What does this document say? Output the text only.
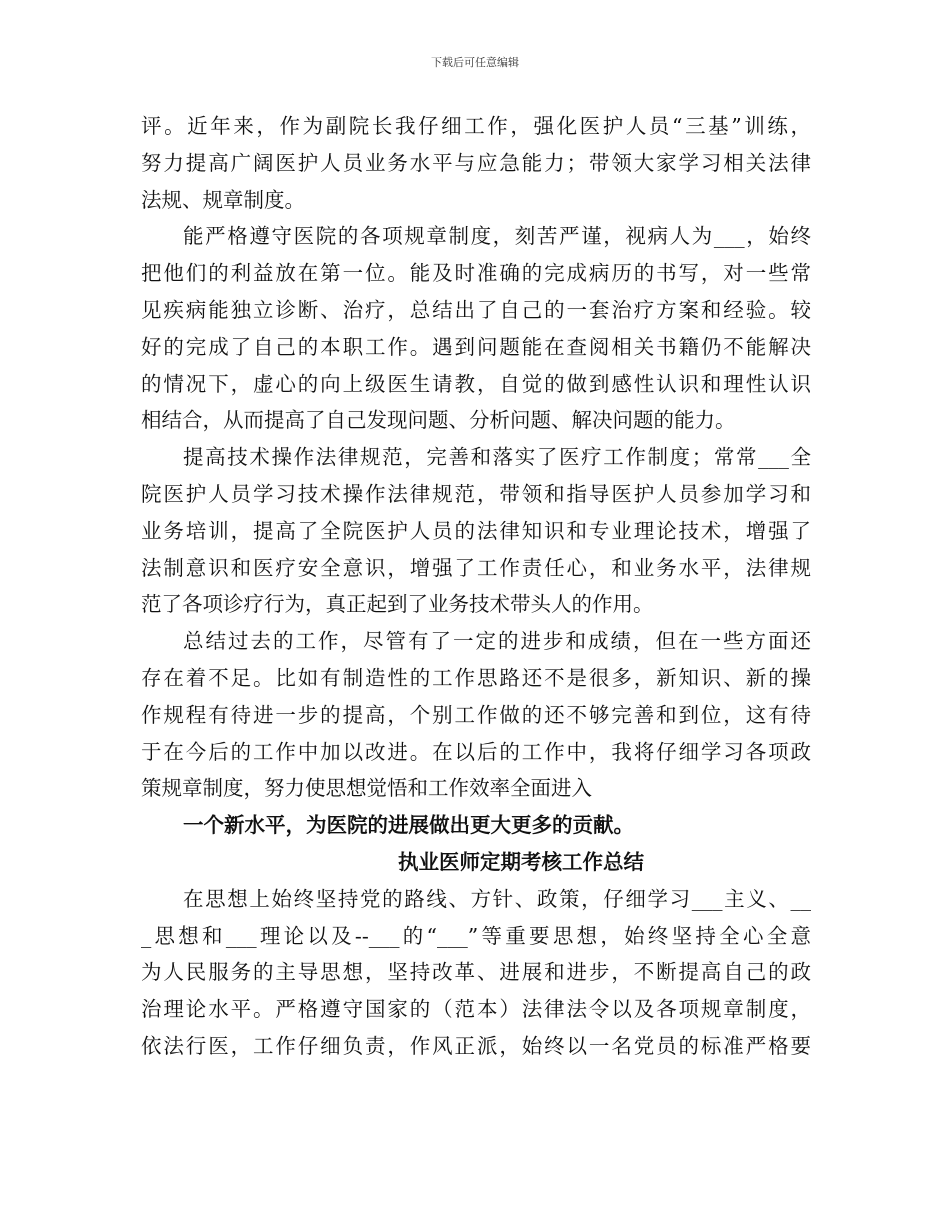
下载后可任意编辑
评。近年来，作为副院长我仔细工作，强化医护人员“三基”训练，
努力提高广阔医护人员业务水平与应急能力；带领大家学习相关法律
法规、规章制度。
能严格遵守医院的各项规章制度，刻苦严谨，视病人为___，始终
把他们的利益放在第一位。能及时准确的完成病历的书写，对一些常
见疾病能独立诊断、治疗，总结出了自己的一套治疗方案和经验。较
好的完成了自己的本职工作。遇到问题能在查阅相关书籍仍不能解决
的情况下，虚心的向上级医生请教，自觉的做到感性认识和理性认识
相结合，从而提高了自己发现问题、分析问题、解决问题的能力。
提高技术操作法律规范，完善和落实了医疗工作制度；常常___全
院医护人员学习技术操作法律规范，带领和指导医护人员参加学习和
业务培训，提高了全院医护人员的法律知识和专业理论技术，增强了
法制意识和医疗安全意识，增强了工作责任心，和业务水平，法律规
范了各项诊疗行为，真正起到了业务技术带头人的作用。
总结过去的工作，尽管有了一定的进步和成绩，但在一些方面还
存在着不足。比如有制造性的工作思路还不是很多，新知识、新的操
作规程有待进一步的提高，个别工作做的还不够完善和到位，这有待
于在今后的工作中加以改进。在以后的工作中，我将仔细学习各项政
策规章制度，努力使思想觉悟和工作效率全面进入
一个新水平，为医院的进展做出更大更多的贡献。
执业医师定期考核工作总结
在思想上始终坚持党的路线、方针、政策，仔细学习___主义、__
_思想和___理论以及--___的“___”等重要思想，始终坚持全心全意
为人民服务的主导思想，坚持改革、进展和进步，不断提高自己的政
治理论水平。严格遵守国家的（范本）法律法令以及各项规章制度，
依法行医，工作仔细负责，作风正派，始终以一名党员的标准严格要
